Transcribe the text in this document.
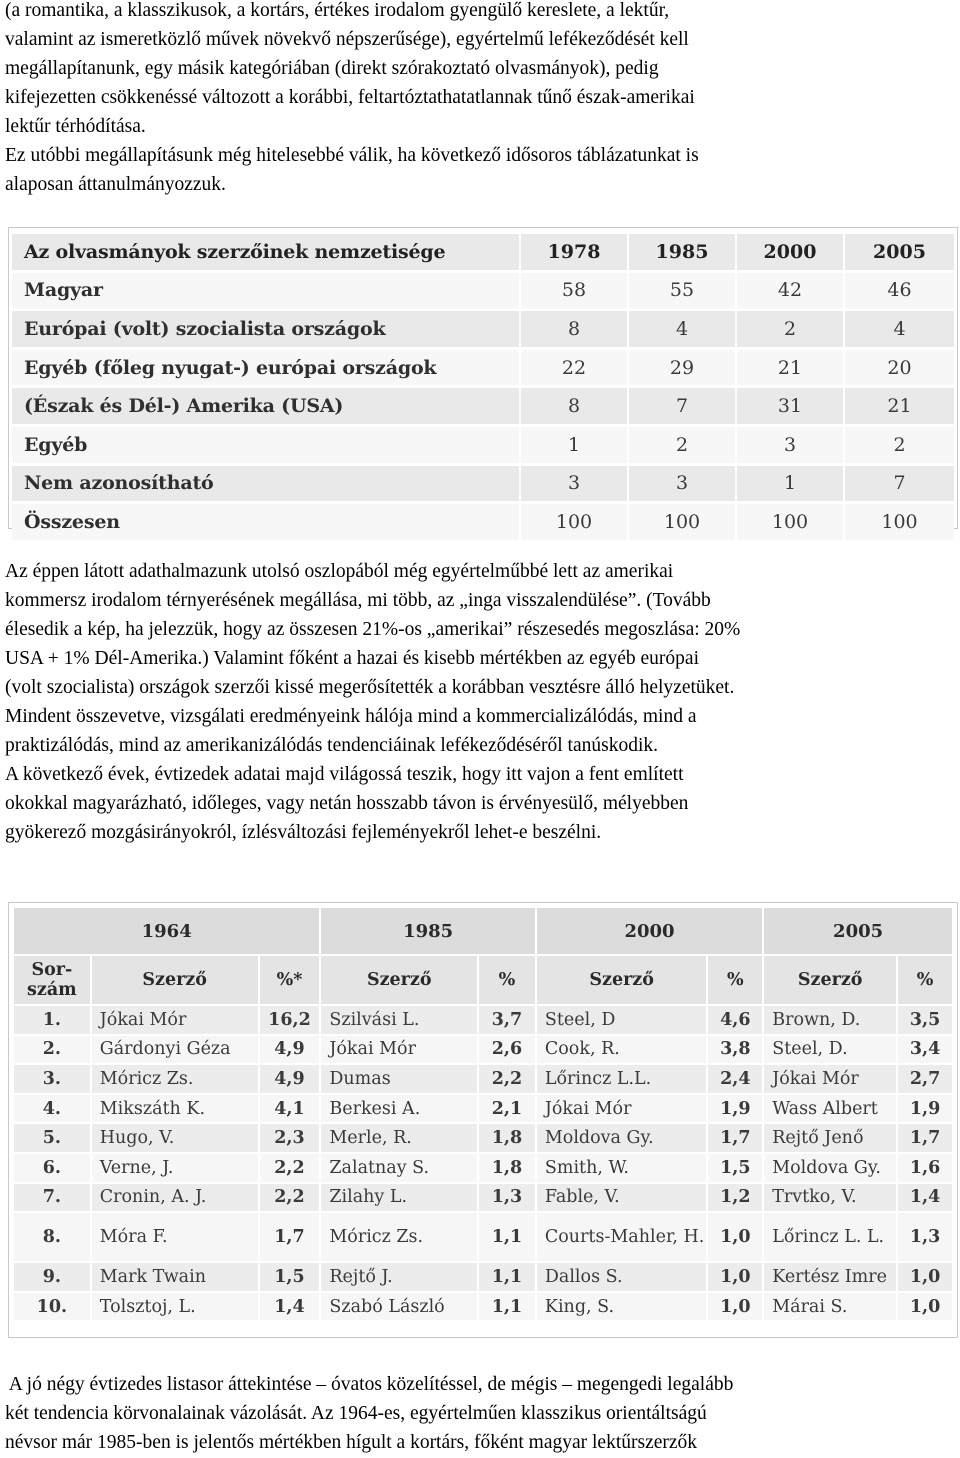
(a romantika, a klasszikusok, a kortárs, értékes irodalom gyengülő kereslete, a lektűr,
valamint az ismeretközlő művek növekvő népszerűsége), egyértelmű lefékeződését kell
megállapítanunk, egy másik kategóriában (direkt szórakoztató olvasmányok), pedig
kifejezetten csökkenéssé változott a korábbi, feltartóztathatatlannak tűnő észak-amerikai
lektűr térhódítása.
Ez utóbbi megállapításunk még hitelesebbé válik, ha következő idősoros táblázatunkat is
alaposan áttanulmányozzuk.
Az olvasmányok szerzőinek nemzetisége	1978	1985	2000	2005
Magyar	58	55	42	46
Európai (volt) szocialista országok	8	4	2	4
Egyéb (főleg nyugat-) európai országok	22	29	21	20
(Észak és Dél-) Amerika (USA)	8	7	31	21
Egyéb	1	2	3	2
Nem azonosítható	3	3	1	7
Összesen	100	100	100	100
Az éppen látott adathalmazunk utolsó oszlopából még egyértelműbbé lett az amerikai
kommersz irodalom térnyerésének megállása, mi több, az „inga visszalendülése”. (Tovább
élesedik a kép, ha jelezzük, hogy az összesen 21%-os „amerikai” részesedés megoszlása: 20%
USA + 1% Dél-Amerika.) Valamint főként a hazai és kisebb mértékben az egyéb európai
(volt szocialista) országok szerzői kissé megerősítették a korábban vesztésre álló helyzetüket.
Mindent összevetve, vizsgálati eredményeink hálója mind a kommercializálódás, mind a
praktizálódás, mind az amerikanizálódás tendenciáinak lefékeződéséről tanúskodik.
A következő évek, évtizedek adatai majd világossá teszik, hogy itt vajon a fent említett
okokkal magyarázható, időleges, vagy netán hosszabb távon is érvényesülő, mélyebben
gyökerező mozgásirányokról, ízlésváltozási fejleményekről lehet-e beszélni.
1964			1985		2000		2005	
Sor-
szám	Szerző	%*	Szerző	%	Szerző	%	Szerző	%
1.	Jókai Mór	16,2	Szilvási L.	3,7	Steel, D	4,6	Brown, D.	3,5
2.	Gárdonyi Géza	4,9	Jókai Mór	2,6	Cook, R.	3,8	Steel, D.	3,4
3.	Móricz Zs.	4,9	Dumas	2,2	Lőrincz L.L.	2,4	Jókai Mór	2,7
4.	Mikszáth K.	4,1	Berkesi A.	2,1	Jókai Mór	1,9	Wass Albert	1,9
5.	Hugo, V.	2,3	Merle, R.	1,8	Moldova Gy.	1,7	Rejtő Jenő	1,7
6.	Verne, J.	2,2	Zalatnay S.	1,8	Smith, W.	1,5	Moldova Gy.	1,6
7.	Cronin, A. J.	2,2	Zilahy L.	1,3	Fable, V.	1,2	Trvtko, V.	1,4
8.	Móra F.	1,7	Móricz Zs.	1,1	Courts-Mahler, H.	1,0	Lőrincz L. L.	1,3
9.	Mark Twain	1,5	Rejtő J.	1,1	Dallos S.	1,0	Kertész Imre	1,0
10.	Tolsztoj, L.	1,4	Szabó László	1,1	King, S.	1,0	Márai S.	1,0
A jó négy évtizedes listasor áttekintése – óvatos közelítéssel, de mégis – megengedi legalább
két tendencia körvonalainak vázolását. Az 1964-es, egyértelműen klasszikus orientáltságú
névsor már 1985-ben is jelentős mértékben hígult a kortárs, főként magyar lektűrszerzők
